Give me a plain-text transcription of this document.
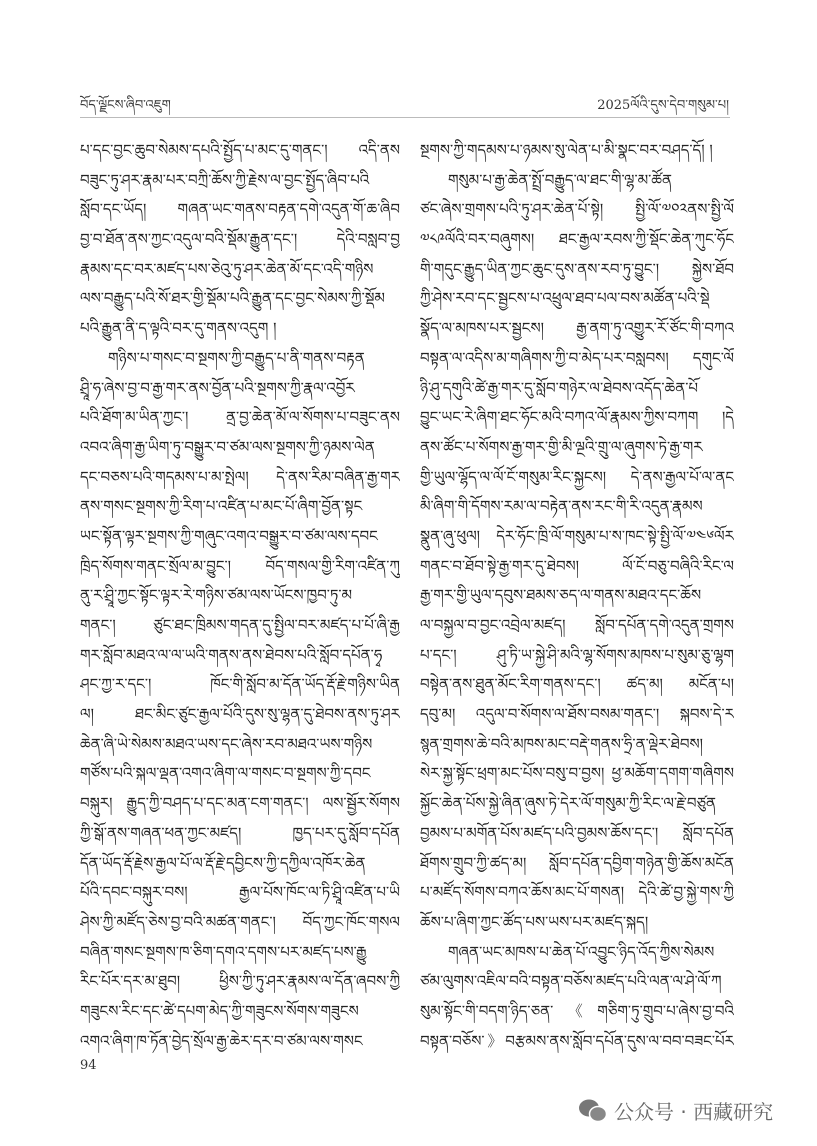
བོད་ལྗོངས་ཞིབ་འཇུག	2025ལོའི་དུས་དེབ་གསུམ་པ།
པ་དང་བྱང་ཆུབ་སེམས་དཔའི་སྤྱོད་པ་མང་དུ་གནང་། འདི་ནས
བཟུང་ཏུ་ཤར་རྣམ་པར་བཀྲི་ཆོས་ཀྱི་རྗེས་ལ་བྱང་སྤྱོད་ཞིབ་པའི
སློབ་དང་ཡོད། གཞན་ཡང་གནས་བརྟན་དགེ་འདུན་གོ་ཆ་ཞིབ
བྱ་བ་ཐོན་ནས་ཀྱང་འདུལ་བའི་སྡོམ་རྒྱུན་དང་། དེའི་བསླབ་བྱ
རྣམས་དང་བར་མཛད་པས་ཅེའུ་ཏུ་ཤར་ཆེན་མོ་དང་འདི་གཉིས
ལས་བརྒྱུད་པའི་སོ་ཐར་གྱི་སྡོམ་པའི་རྒྱུན་དང་བྱང་སེམས་ཀྱི་སྡོམ
པའི་རྒྱུན་ནི་ད་ལྟའི་བར་དུ་གནས་འདུག །
གཉིས་པ་གསང་བ་སྔགས་ཀྱི་བརྒྱུད་པ་ནི་གནས་བརྟན
ཤྲཱི་ཧ་ཞེས་བྱ་བ་རྒྱ་གར་ནས་བྱོན་པའི་སྔགས་ཀྱི་རྣལ་འབྱོར
པའི་ཐོག་མ་ཡིན་ཀྱང་། ནྲ་བྱ་ཆེན་མོ་ལ་སོགས་པ་བཟུང་ནས
འབའ་ཞིག་རྒྱ་ཡིག་ཏུ་བསྒྱུར་བ་ཙམ་ལས་སྔགས་ཀྱི་ཉམས་ལེན
དང་བཅས་པའི་གདམས་པ་མ་སྤེལ། དེ་ནས་རིམ་བཞིན་རྒྱ་གར
ནས་གསང་སྔགས་ཀྱི་རིག་པ་འཛིན་པ་མང་པོ་ཞིག་བྱོན་སྟང
ཡང་སྟོན་ལྟར་སྔགས་ཀྱི་གཞུང་འགའ་བསྒྱུར་བ་ཙམ་ལས་དབང
ཁྲིད་སོགས་གནང་སྲོལ་མ་བྱུང་། བོད་གསལ་གྱི་རིག་འཛིན་ཀུ
ནུ་ར་ཤྲཱི་ཀྱང་སྟོང་ལྟར་རེ་གཉིས་ཙམ་ལས་ཡོངས་ཁྱབ་ཏུ་མ
གནང་། ཙུང་ཐང་ཁྲིམས་གདན་དུ་སྤྱིལ་བར་མཛད་པ་པོ་ཞི་རྒྱ
གར་སློབ་མཐའ་ལ་ལ་ཡའི་གནས་ནས་ཐེབས་པའི་སློབ་དཔོན་ཧྭ
ཤང་ཀྱ་ར་དང་། ཁོང་གི་སློབ་མ་དོན་ཡོད་རྡོ་རྗེ་གཉིས་ཡིན
ལ། ཐང་མིང་ཙུང་རྒྱལ་པོའི་དུས་སུ་ལྷན་དུ་ཐེབས་ནས་ཏུ་ཤར
ཆེན་ཞི་ཡེ་སེམས་མཐའ་ཡས་དང་ཞེས་རབ་མཐའ་ཡས་གཉིས
གཙོས་པའི་སྐལ་ལྡན་འགའ་ཞིག་ལ་གསང་བ་སྔགས་ཀྱི་དབང
བསྐུར། རྒྱུད་ཀྱི་བཤད་པ་དང་མན་ངག་གནང་། ལས་སྦྱོར་སོགས
ཀྱི་སྒོ་ནས་གཞན་ཕན་ཀྱང་མཛད། ཁྱད་པར་དུ་སློབ་དཔོན
དོན་ཡོད་རྡོ་རྗེས་རྒྱལ་པོ་ལ་རྡོ་རྗེ་དབྱིངས་ཀྱི་དཀྱིལ་འཁོར་ཆེན
པོའི་དབང་བསྐུར་བས། རྒྱལ་པོས་ཁོང་ལ་ཏི་ཤྲཱི་འཛིན་པ་ཡི
ཤེས་ཀྱི་མཛོད་ཅེས་བྱ་བའི་མཚན་གནང་། བོད་ཀྱང་ཁོང་གསལ
བཞིན་གསང་སྔགས་ཁ་ཅིག་དགའ་དགས་པར་མཛད་པས་རྒྱུ
རིང་པོར་དར་མ་ཐུབ། ཕྱིས་ཀྱི་ཏུ་ཤར་རྣམས་ལ་དོན་ཞབས་ཀྱི
གཟུངས་རིང་དང་ཚེ་དཔག་མེད་ཀྱི་གཟུངས་སོགས་གཟུངས
འགའ་ཞིག་ཁ་ཏོན་བྱེད་སྲོལ་རྒྱ་ཆེར་དར་བ་ཙམ་ལས་གསང
སྔགས་ཀྱི་གདམས་པ་ཉམས་སུ་ལེན་པ་མི་སྣང་བར་བཤད་དོ། །
གསུམ་པ་རྒྱ་ཆེན་སྤྲོ་བརྒྱུད་ལ་ཐང་གི་ལྷ་མ་ཚོན
ཙང་ཞེས་གྲགས་པའི་ཏུ་ཤར་ཆེན་པོ་སྟེ། སྤྱི་ལོ་༧༠༢ནས་སྤྱི་ལོ
༧༨༩ལོའི་བར་བཞུགས། ཐང་རྒྱལ་རབས་ཀྱི་སྡོང་ཆེན་ཀུང་ཧོང
གི་གདུང་རྒྱུད་ཡིན་ཀྱང་ཆུང་དུས་ནས་རབ་ཏུ་བྱུང་། སྐྱེས་ཐོབ
ཀྱི་ཤེས་རབ་དང་སྦྱངས་པ་འཕྲུལ་ཐབ་པལ་བས་མཚོན་པའི་སྡེ
སྣོད་ལ་མཁས་པར་སྦྱངས། རྒྱ་ནག་ཏུ་འགྱུར་རོ་ཙོང་གི་བཀའ
བསྟན་ལ་འདིས་མ་གཞིགས་ཀྱི་བ་མེད་པར་བསླབས། དགུང་ལོ
ཉི་ཤུ་དགུའི་ཚེ་རྒྱ་གར་དུ་སློབ་གཉེར་ལ་ཐེབས་འདོད་ཆེན་པོ
བྱུང་ཡང་རེ་ཞིག་ཐང་ཧོང་མའི་བཀའ་ལོ་རྣམས་ཀྱིས་བཀག །དེ
ནས་ཚོང་པ་སོགས་རྒྱ་གར་གྱི་མི་ལྔའི་གྲུ་ལ་ཞུགས་ཏེ་རྒྱ་གར
གྱི་ཡུལ་ལྷོད་ལ་ལོ་ངོ་གསུམ་རིང་སྐྱངས། དེ་ནས་རྒྱལ་པོ་ལ་ནང
མི་ཞིག་གི་དོགས་རམ་ལ་བརྟེན་ནས་རང་གི་རི་འདུན་རྣམས
སྣུན་ཞུ་ཕུལ། དེར་ཧོང་ཁྲི་ལོ་གསུམ་པ་ས་ཁང་སྟེ་སྤྱི་ལོ་༧༤༦ལོར
གནང་བ་ཐོབ་སྟེ་རྒྱ་གར་དུ་ཐེབས། ལོ་ངོ་བཅུ་བཞིའི་རིང་ལ
རྒྱ་གར་གྱི་ཡུལ་དབུས་ཐམས་ཅད་ལ་གནས་མཐའ་དང་ཆོས
ལ་བསྐྱལ་བ་བྱང་འབྲེལ་མཛད། སློབ་དཔོན་དགེ་འདུན་གྲགས
པ་དང་། ཤུ་ཏི་ཡ་སྐྱེ་ཤི་མའི་ལྷ་སོགས་མཁས་པ་སུམ་ཅུ་ལྷག
བསྟེན་ནས་ཐུན་མོང་རིག་གནས་དང་། ཚད་མ། མངོན་པ།
དབུ་མ། འདུལ་བ་སོགས་ལ་ཐོས་བསམ་གནང་། སྐབས་དེ་ར
སྙན་གྲགས་ཆེ་བའི་མཁས་མང་བརྡེ་གནས་ཧྲི་ན་ལྡེར་ཐེབས།
སེར་སྐྱ་སྟོང་ཕྲག་མང་པོས་བསུ་བ་བྱས། ཕྱ་མཆོག་དགག་གཞིགས
སྐྱོང་ཆེན་པོས་སྐྱེ་ཞིན་ཞུས་ཏེ་དེར་ལོ་གསུམ་ཀྱི་རིང་ལ་རྗེ་བཙུན
བྱམས་པ་མགོན་པོས་མཛད་པའི་བྱམས་ཆོས་དང་། སློབ་དཔོན
ཐོགས་གྲུབ་ཀྱི་ཚད་མ། སློབ་དཔོན་དབྱིག་གཉེན་གྱི་ཆོས་མངོན
པ་མཛོད་སོགས་བཀའ་ཆོས་མང་པོ་གསན། དེའི་ཚེ་བྱ་སྐྱེ་གས་ཀྱི
ཆོས་པ་ཞིག་ཀྱང་ཚོད་པས་ཡས་པར་མཛད་སྐད།
གཞན་ཡང་མཁས་པ་ཆེན་པོ་འབྱུང་ཉིད་འོད་ཀྱིས་སེམས
ཙམ་ལུགས་འཇིལ་བའི་བསྟན་བཅོས་མཛད་པའི་ལན་ལ་ཤེ་ལོ་ཀ
སུམ་སྟོང་གི་བདག་ཉིད་ཅན་《གཅིག་ཏུ་གྲུབ་པ་ཞེས་བྱ་བའི
བསྟན་བཅོས་》བརྩམས་ནས་སློབ་དཔོན་དུས་ལ་བབ་བཟང་པོར
94
公众号 · 西藏研究
